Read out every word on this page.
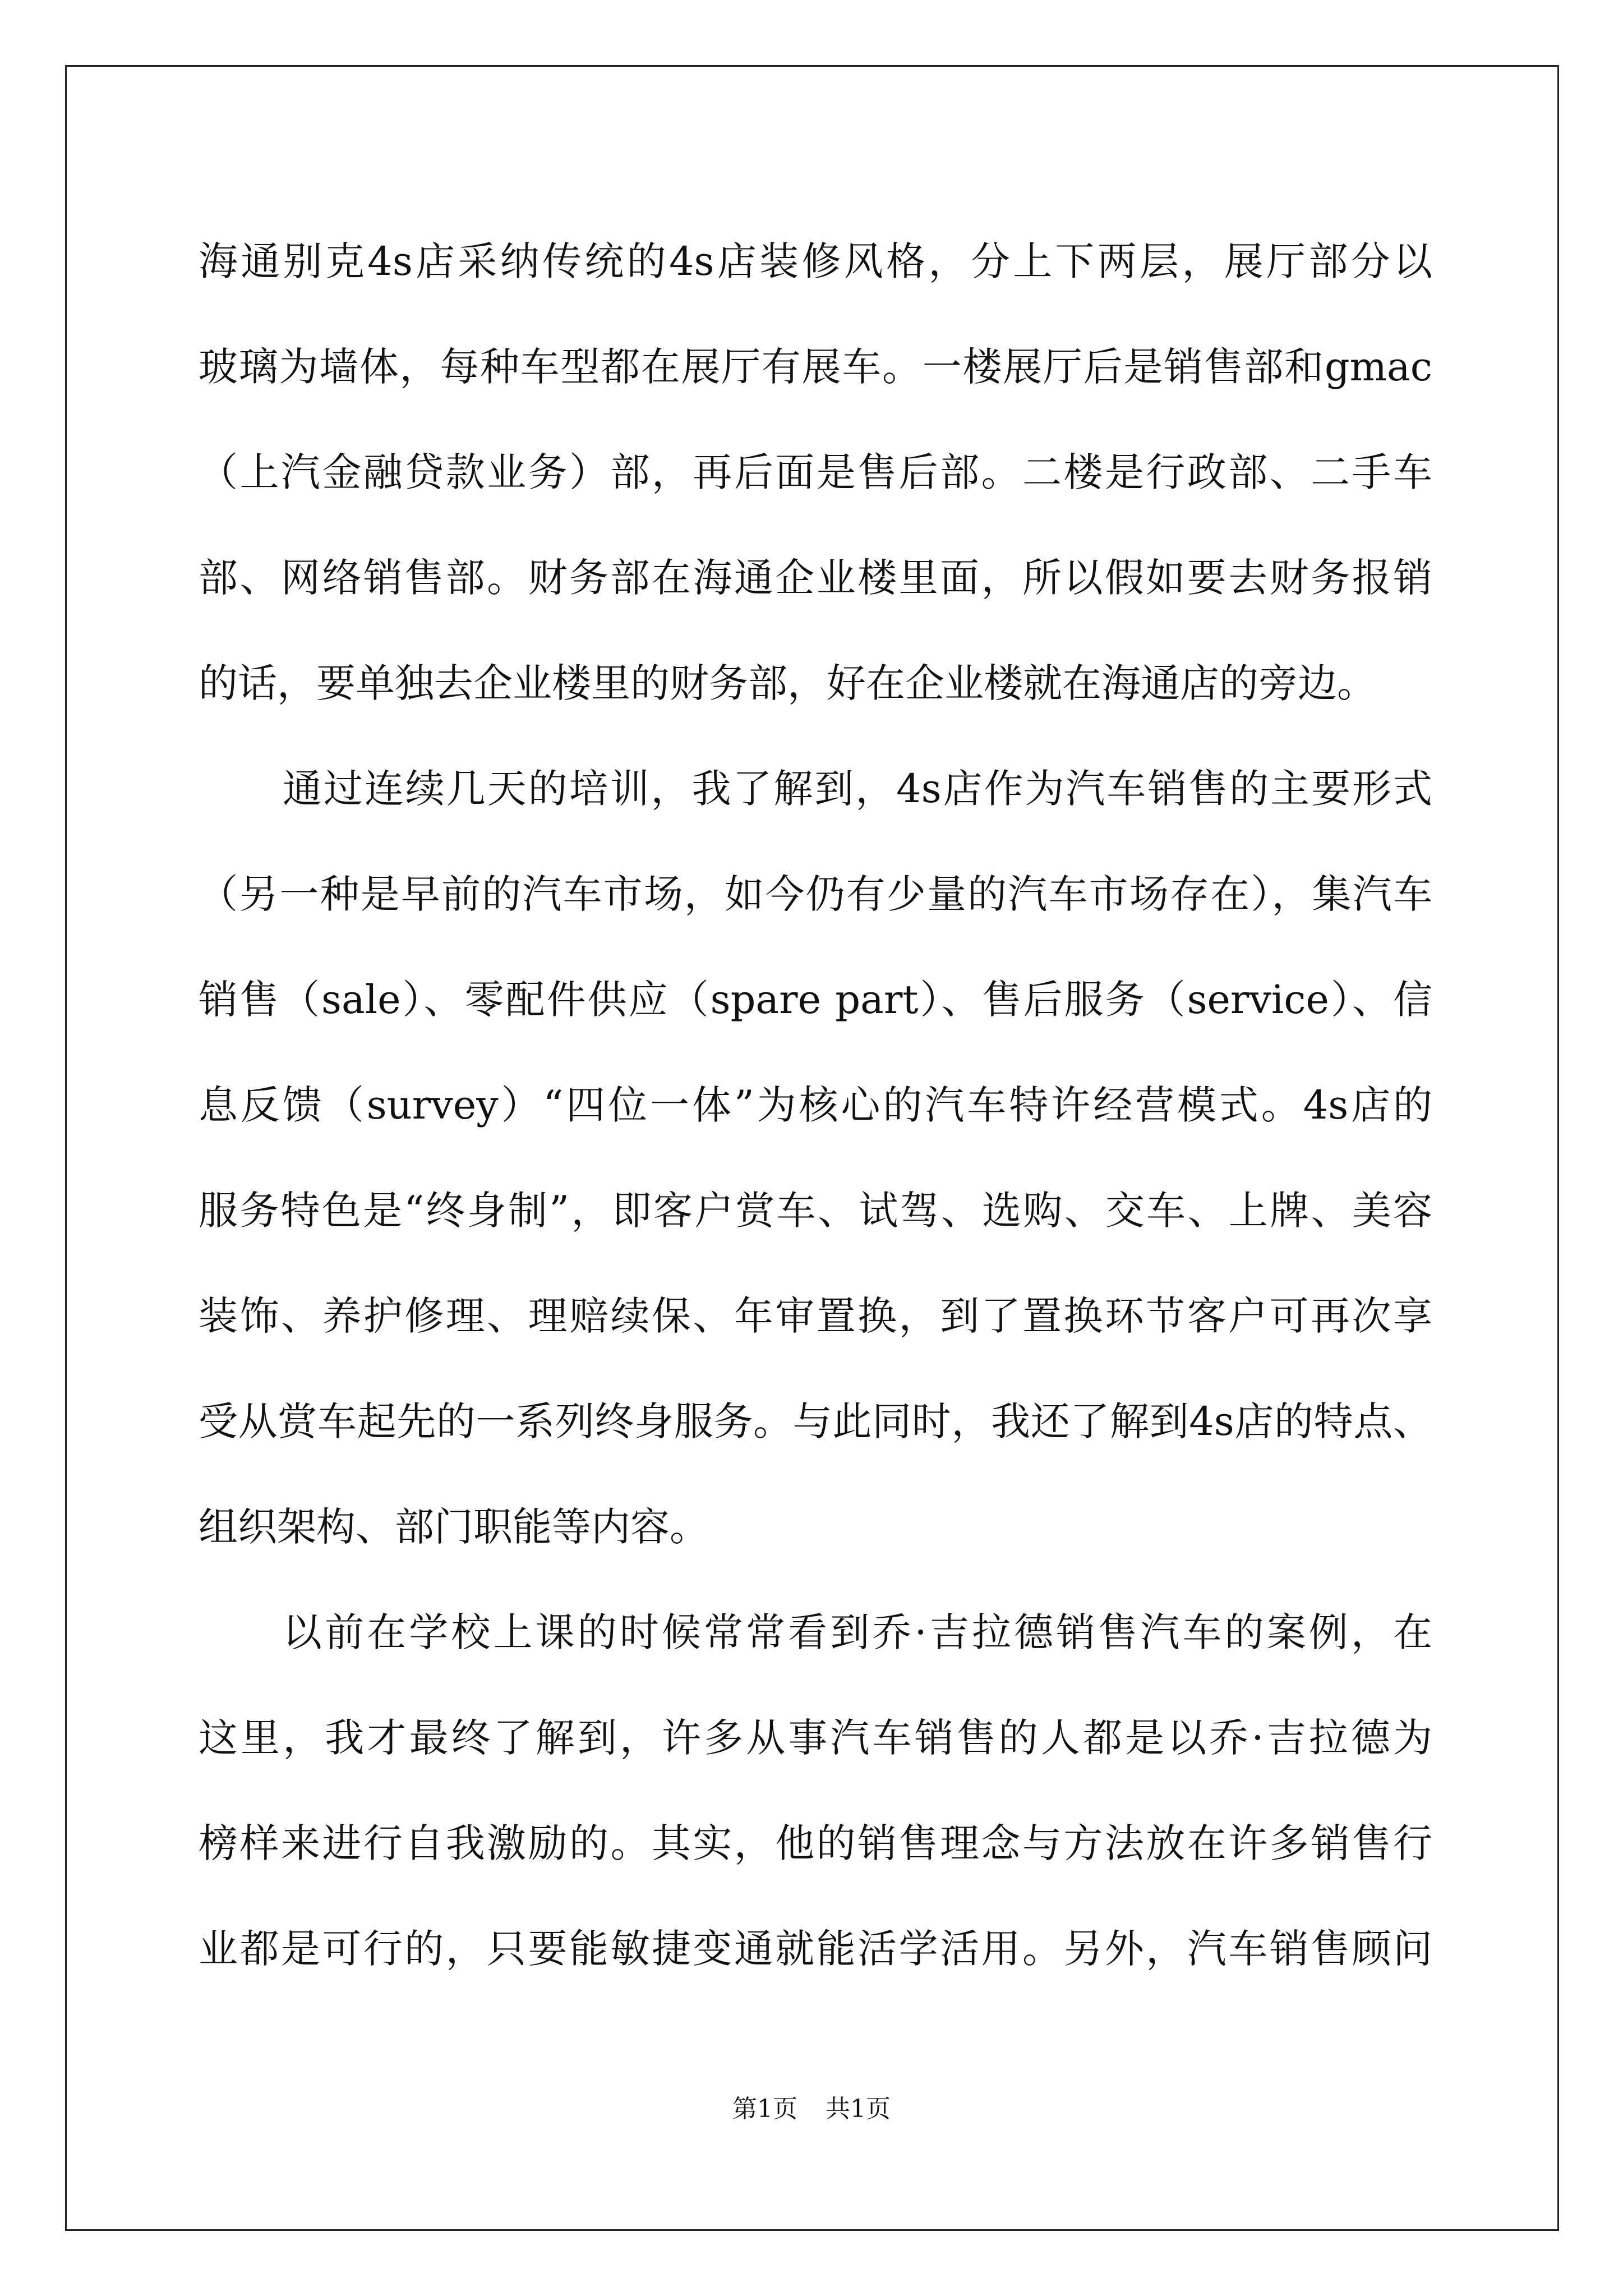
海通别克4s店采纳传统的4s店装修风格，分上下两层，展厅部分以
玻璃为墙体，每种车型都在展厅有展车。一楼展厅后是销售部和gmac
（上汽金融贷款业务）部，再后面是售后部。二楼是行政部、二手车
部、网络销售部。财务部在海通企业楼里面，所以假如要去财务报销
的话，要单独去企业楼里的财务部，好在企业楼就在海通店的旁边。
通过连续几天的培训，我了解到，4s店作为汽车销售的主要形式
（另一种是早前的汽车市场，如今仍有少量的汽车市场存在），集汽车
销售（sale）、零配件供应（spare part）、售后服务（service）、信
息反馈（survey）“四位一体”为核心的汽车特许经营模式。4s店的
服务特色是“终身制”，即客户赏车、试驾、选购、交车、上牌、美容
装饰、养护修理、理赔续保、年审置换，到了置换环节客户可再次享
受从赏车起先的一系列终身服务。与此同时，我还了解到4s店的特点、
组织架构、部门职能等内容。
以前在学校上课的时候常常看到乔·吉拉德销售汽车的案例，在
这里，我才最终了解到，许多从事汽车销售的人都是以乔·吉拉德为
榜样来进行自我激励的。其实，他的销售理念与方法放在许多销售行
业都是可行的，只要能敏捷变通就能活学活用。另外，汽车销售顾问
第1页 共1页
